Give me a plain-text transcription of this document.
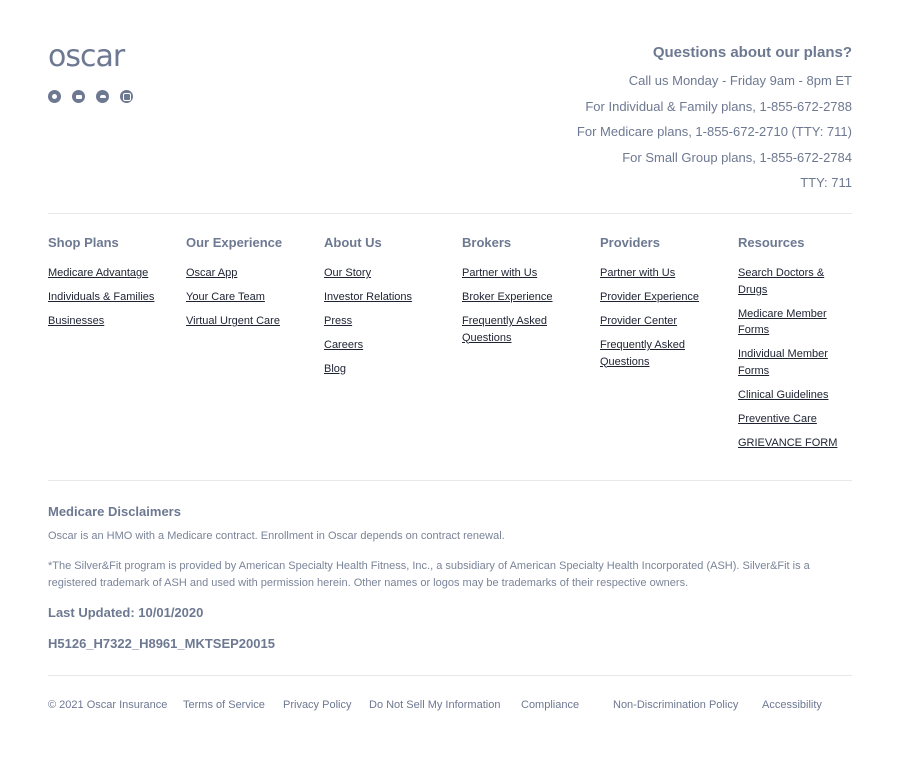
oscar	Questions about our plans?
Call us Monday - Friday 9am - 8pm ET
For Individual & Family plans, 1-855-672-2788
For Medicare plans, 1-855-672-2710 (TTY: 711)
For Small Group plans, 1-855-672-2784
TTY: 711
Shop Plans
Medicare Advantage
Individuals & Families
Businesses
Our Experience
Oscar App
Your Care Team
Virtual Urgent Care
About Us
Our Story
Investor Relations
Press
Careers
Blog
Brokers
Partner with Us
Broker Experience
Frequently Asked Questions
Providers
Partner with Us
Provider Experience
Provider Center
Frequently Asked Questions
Resources
Search Doctors & Drugs
Medicare Member Forms
Individual Member Forms
Clinical Guidelines
Preventive Care
GRIEVANCE FORM
Medicare Disclaimers
Oscar is an HMO with a Medicare contract. Enrollment in Oscar depends on contract renewal.
*The Silver&Fit program is provided by American Specialty Health Fitness, Inc., a subsidiary of American Specialty Health Incorporated (ASH). Silver&Fit is a registered trademark of ASH and used with permission herein. Other names or logos may be trademarks of their respective owners.
Last Updated: 10/01/2020
H5126_H7322_H8961_MKTSEP20015
© 2021 Oscar Insurance Terms of Service Privacy Policy Do Not Sell My Information Compliance	Non-Discrimination Policy Accessibility
